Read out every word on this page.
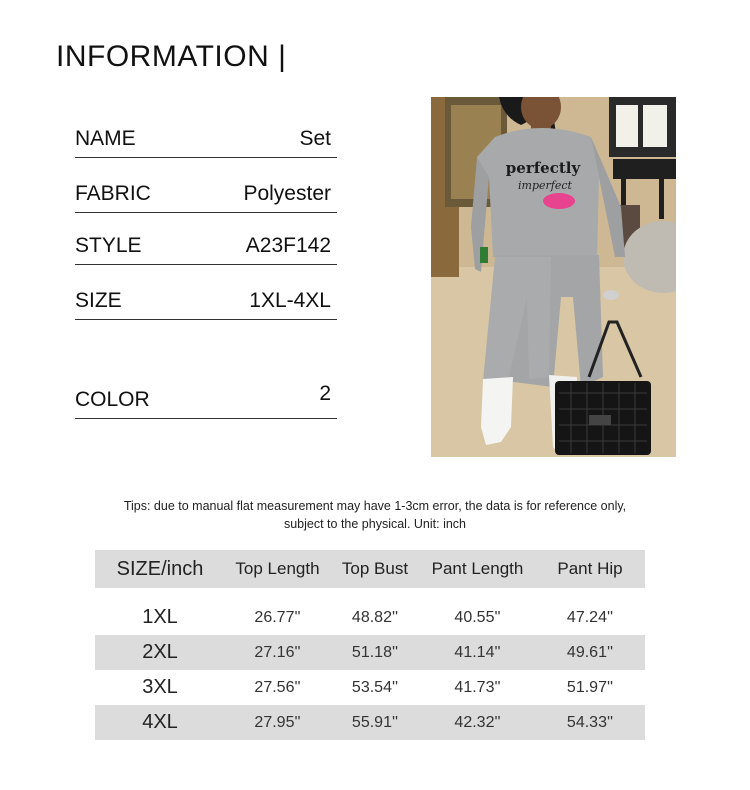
INFORMATION |
NAME	Set
FABRIC	Polyester
STYLE	A23F142
SIZE	1XL-4XL
COLOR	2
perfectly
imperfect
Tips: due to manual flat measurement may have 1-3cm error, the data is for reference only,
subject to the physical. Unit: inch
SIZE/inch	Top Length	Top Bust	Pant Length	Pant Hip

1XL	26.77''	48.82''	40.55''	47.24''
2XL	27.16''	51.18''	41.14''	49.61''
3XL	27.56''	53.54''	41.73''	51.97''
4XL	27.95''	55.91''	42.32''	54.33''
